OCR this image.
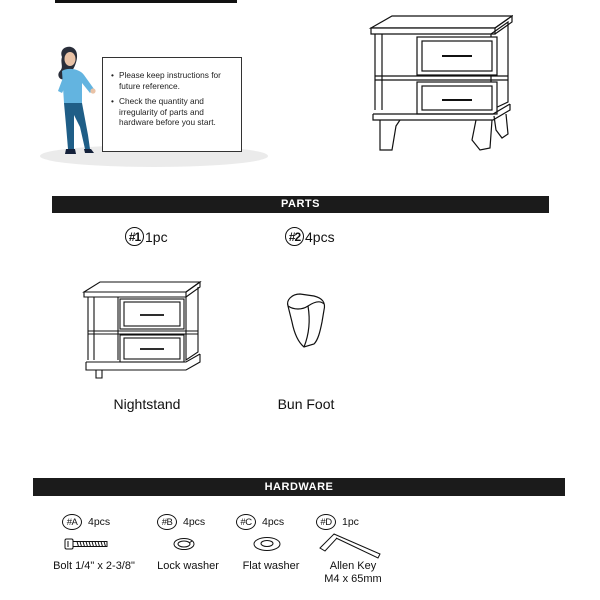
• Please keep instructions for future reference.
• Check the quantity and irregularity of parts and hardware before you start.
PARTS
#1 1pc	#2 4pcs
Nightstand	Bun Foot
HARDWARE
#A	4pcs	#B	4pcs	#C 4pcs	#D 1pc
Bolt 1/4" x 2-3/8"	Lock washer	Flat washer	Allen Key
M4 x 65mm
